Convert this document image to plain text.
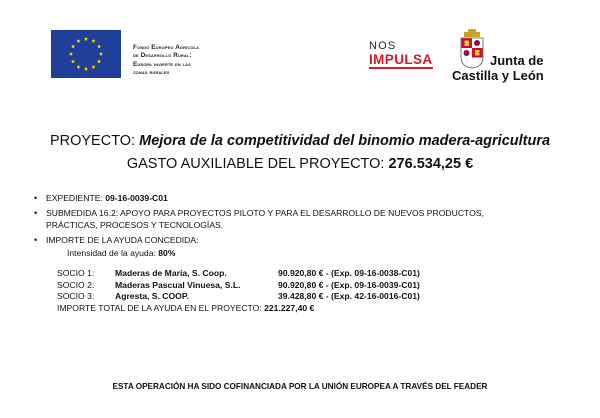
Fondo Europeo Agrícola
de Desarrollo Rural:
Europa invierte en las
zonas rurales
NOS
IMPULSA	Junta de
Castilla y León
PROYECTO: Mejora de la competitividad del binomio madera-agricultura
GASTO AUXILIABLE DEL PROYECTO: 276.534,25 €
• EXPEDIENTE: 09-16-0039-C01
• SUBMEDIDA 16.2: APOYO PARA PROYECTOS PILOTO Y PARA EL DESARROLLO DE NUEVOS PRODUCTOS,
PRÁCTICAS, PROCESOS Y TECNOLOGÍAS.
• IMPORTE DE LA AYUDA CONCEDIDA:
Intensidad de la ayuda: 80%
SOCIO 1:	Maderas de María, S. Coop.	90.920,80 € - (Exp. 09-16-0038-C01)
SOCIO 2:	Maderas Pascual Vinuesa, S.L.	90.920,80 € - (Exp. 09-16-0039-C01)
SOCIO 3:	Agresta, S. COOP.	39.428,80 € - (Exp. 42-16-0016-C01)
IMPORTE TOTAL DE LA AYUDA EN EL PROYECTO: 221.227,40 €
ESTA OPERACIÓN HA SIDO COFINANCIADA POR LA UNIÓN EUROPEA A TRAVÉS DEL FEADER
